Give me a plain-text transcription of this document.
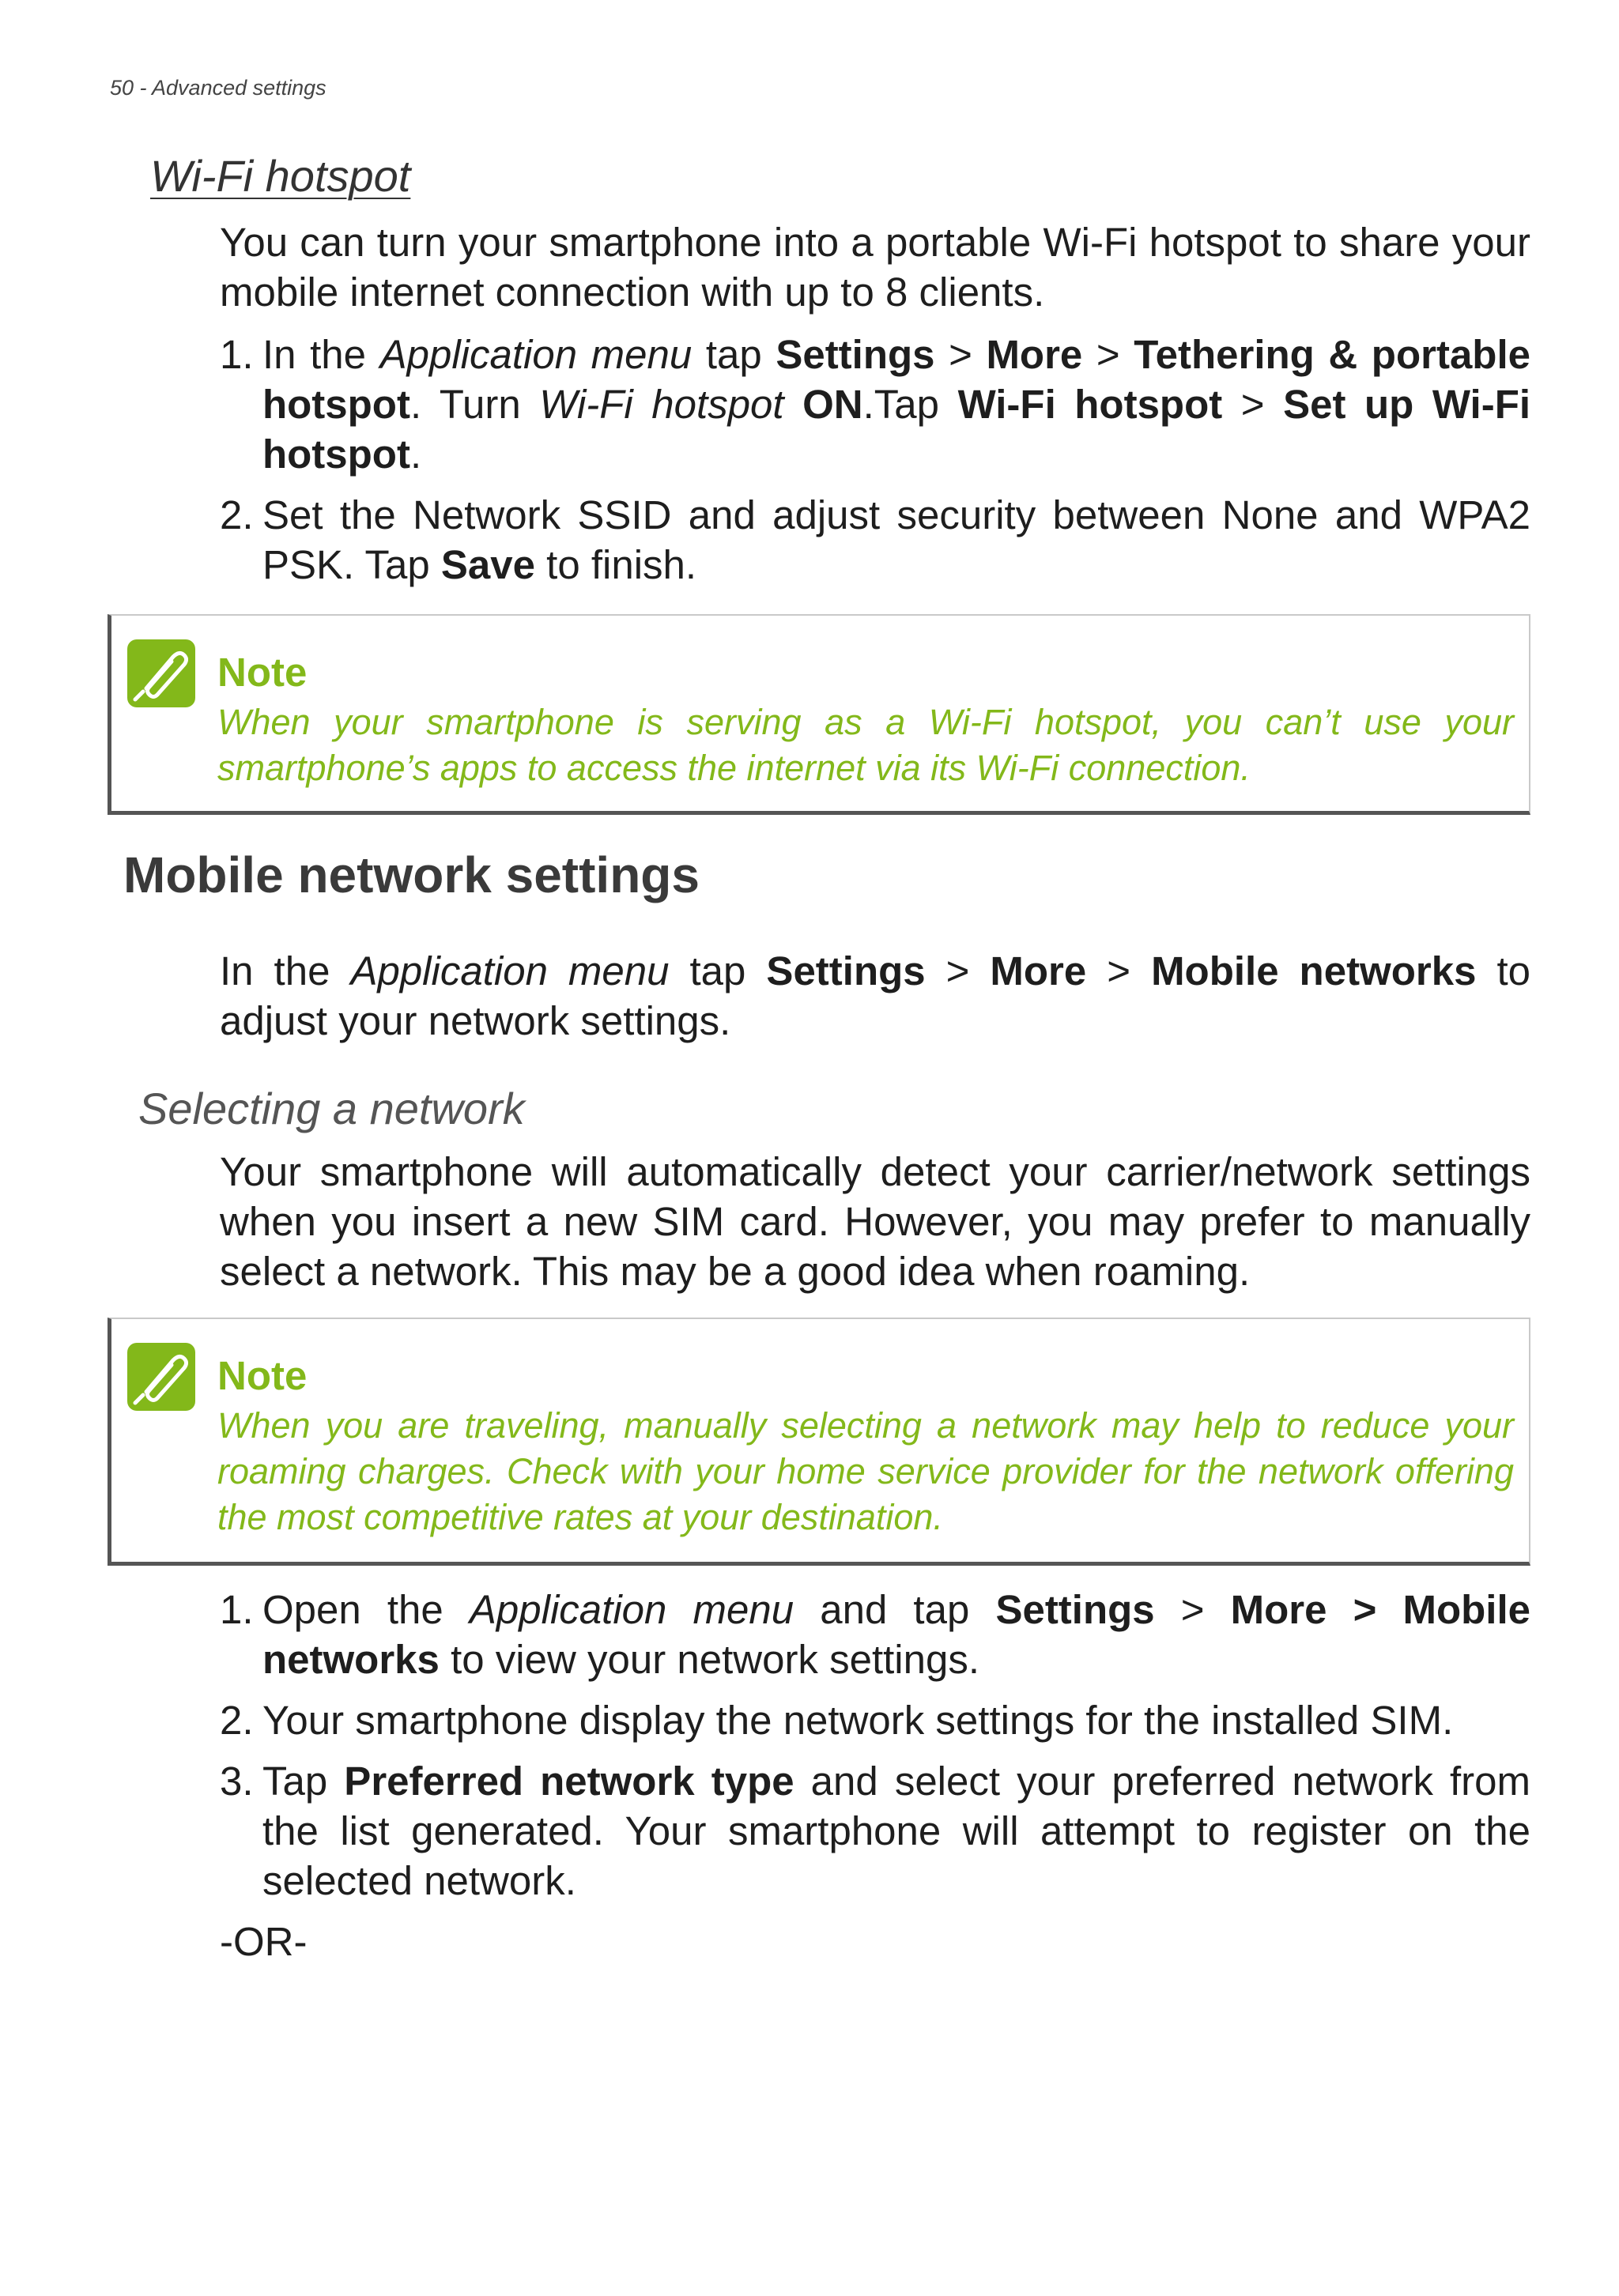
50 - Advanced settings
Wi-Fi hotspot
You can turn your smartphone into a portable Wi-Fi hotspot to share your mobile internet connection with up to 8 clients.
1. In the Application menu tap Settings > More > Tethering & portable hotspot. Turn Wi-Fi hotspot ON.Tap Wi-Fi hotspot > Set up Wi-Fi hotspot.
2. Set the Network SSID and adjust security between None and WPA2 PSK. Tap Save to finish.
Note
When your smartphone is serving as a Wi-Fi hotspot, you can’t use your smartphone’s apps to access the internet via its Wi-Fi connection.
Mobile network settings
In the Application menu tap Settings > More > Mobile networks to adjust your network settings.
Selecting a network
Your smartphone will automatically detect your carrier/network settings when you insert a new SIM card. However, you may prefer to manually select a network. This may be a good idea when roaming.
Note
When you are traveling, manually selecting a network may help to reduce your roaming charges. Check with your home service provider for the network offering the most competitive rates at your destination.
1. Open the Application menu and tap Settings > More > Mobile networks to view your network settings.
2. Your smartphone display the network settings for the installed SIM.
3. Tap Preferred network type and select your preferred network from the list generated. Your smartphone will attempt to register on the selected network.
-OR-
